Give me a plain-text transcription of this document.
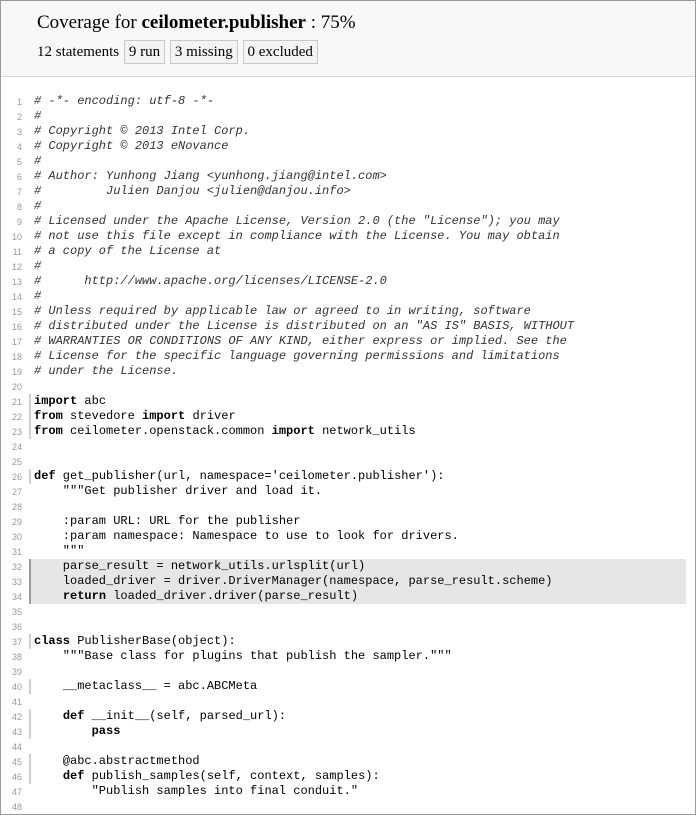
Coverage for ceilometer.publisher : 75%
12 statements 9 run 3 missing 0 excluded
1	# -*- encoding: utf-8 -*-
2	#
3	# Copyright © 2013 Intel Corp.
4	# Copyright © 2013 eNovance
5	#
6	# Author: Yunhong Jiang <yunhong.jiang@intel.com>
7	#         Julien Danjou <julien@danjou.info>
8	#
9	# Licensed under the Apache License, Version 2.0 (the "License"); you may
10	# not use this file except in compliance with the License. You may obtain
11	# a copy of the License at
12	#
13	#      http://www.apache.org/licenses/LICENSE-2.0
14	#
15	# Unless required by applicable law or agreed to in writing, software
16	# distributed under the License is distributed on an "AS IS" BASIS, WITHOUT
17	# WARRANTIES OR CONDITIONS OF ANY KIND, either express or implied. See the
18	# License for the specific language governing permissions and limitations
19	# under the License.
20
21	import abc
22	from stevedore import driver
23	from ceilometer.openstack.common import network_utils
24
25
26	def get_publisher(url, namespace='ceilometer.publisher'):
27	"""Get publisher driver and load it.
28
29	:param URL: URL for the publisher
30	:param namespace: Namespace to use to look for drivers.
31	"""
32	parse_result = network_utils.urlsplit(url)
33	loaded_driver = driver.DriverManager(namespace, parse_result.scheme)
34	return loaded_driver.driver(parse_result)
35
36
37	class PublisherBase(object):
38	"""Base class for plugins that publish the sampler."""
39
40	__metaclass__ = abc.ABCMeta
41
42	def __init__(self, parsed_url):
43	pass
44
45	@abc.abstractmethod
46	def publish_samples(self, context, samples):
47	"Publish samples into final conduit."
48
